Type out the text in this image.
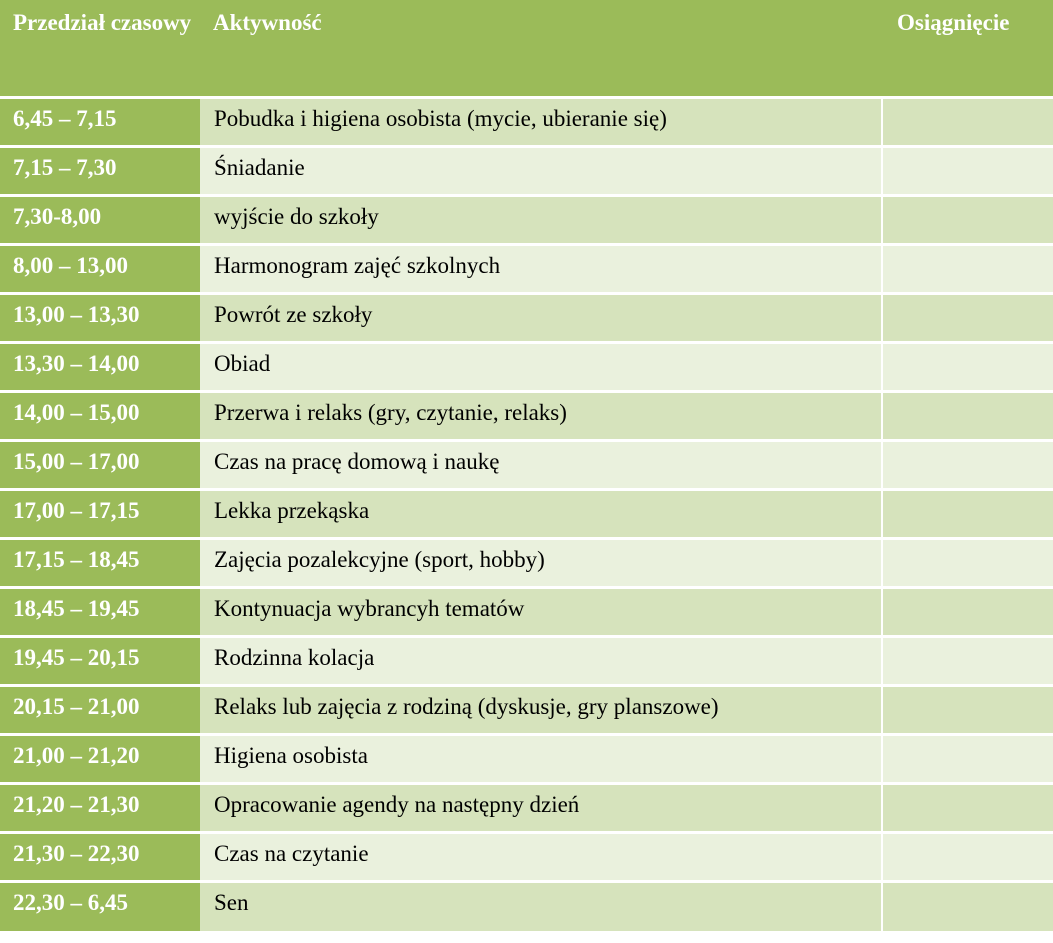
Przedział czasowy	Aktywność	Osiągnięcie
6,45 – 7,15	Pobudka i higiena osobista (mycie, ubieranie się)	
7,15 – 7,30	Śniadanie	
7,30-8,00	wyjście do szkoły	
8,00 – 13,00	Harmonogram zajęć szkolnych	
13,00 – 13,30	Powrót ze szkoły	
13,30 – 14,00	Obiad	
14,00 – 15,00	Przerwa i relaks (gry, czytanie, relaks)	
15,00 – 17,00	Czas na pracę domową i naukę	
17,00 – 17,15	Lekka przekąska	
17,15 – 18,45	Zajęcia pozalekcyjne (sport, hobby)	
18,45 – 19,45	Kontynuacja wybrancyh tematów	
19,45 – 20,15	Rodzinna kolacja	
20,15 – 21,00	Relaks lub zajęcia z rodziną (dyskusje, gry planszowe)	
21,00 – 21,20	Higiena osobista	
21,20 – 21,30	Opracowanie agendy na następny dzień	
21,30 – 22,30	Czas na czytanie	
22,30 – 6,45	Sen	
